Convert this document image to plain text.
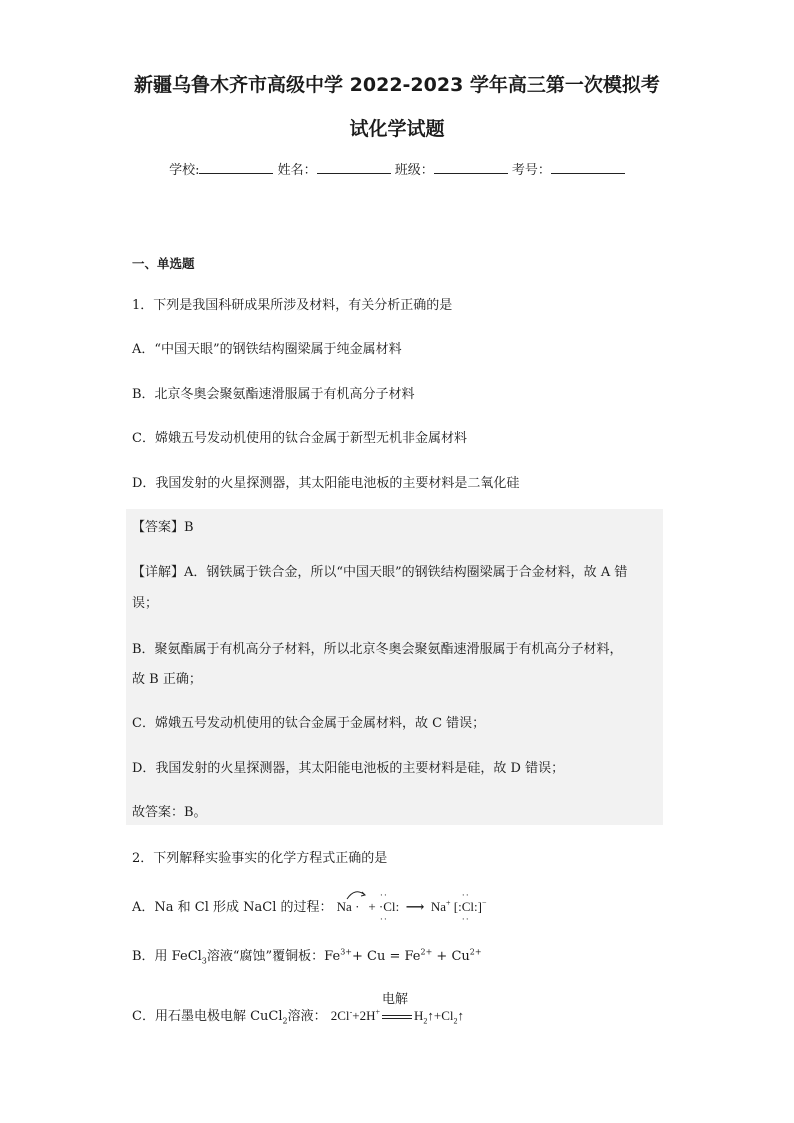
新疆乌鲁木齐市高级中学 2022-2023 学年高三第一次模拟考
试化学试题
学校:	姓名：	班级：	考号：
一、单选题
1．下列是我国科研成果所涉及材料，有关分析正确的是
A．“中国天眼”的钢铁结构圈梁属于纯金属材料
B．北京冬奥会聚氨酯速滑服属于有机高分子材料
C．嫦娥五号发动机使用的钛合金属于新型无机非金属材料
D．我国发射的火星探测器，其太阳能电池板的主要材料是二氧化硅
【答案】B
【详解】A．钢铁属于铁合金，所以“中国天眼”的钢铁结构圈梁属于合金材料，故 A 错
误；
B．聚氨酯属于有机高分子材料，所以北京冬奥会聚氨酯速滑服属于有机高分子材料，
故 B 正确；
C．嫦娥五号发动机使用的钛合金属于金属材料，故 C 错误；
D．我国发射的火星探测器，其太阳能电池板的主要材料是硅，故 D 错误；
故答案：B。
2．下列解释实验事实的化学方程式正确的是
A．Na 和 Cl 形成 NaCl 的过程： Na · + ·Cl:
··
··
⟶ Na+ [:Cl:]
··
··
−
B．用 FeCl$_3$溶液“腐蚀”覆铜板：$Fe^{3+}+ Cu = Fe^{2+} + Cu^{2+}$
C．用石墨电极电解 CuCl$_2$溶液： 2Cl-+2H+
电解
$H_2↑+Cl_2↑$
